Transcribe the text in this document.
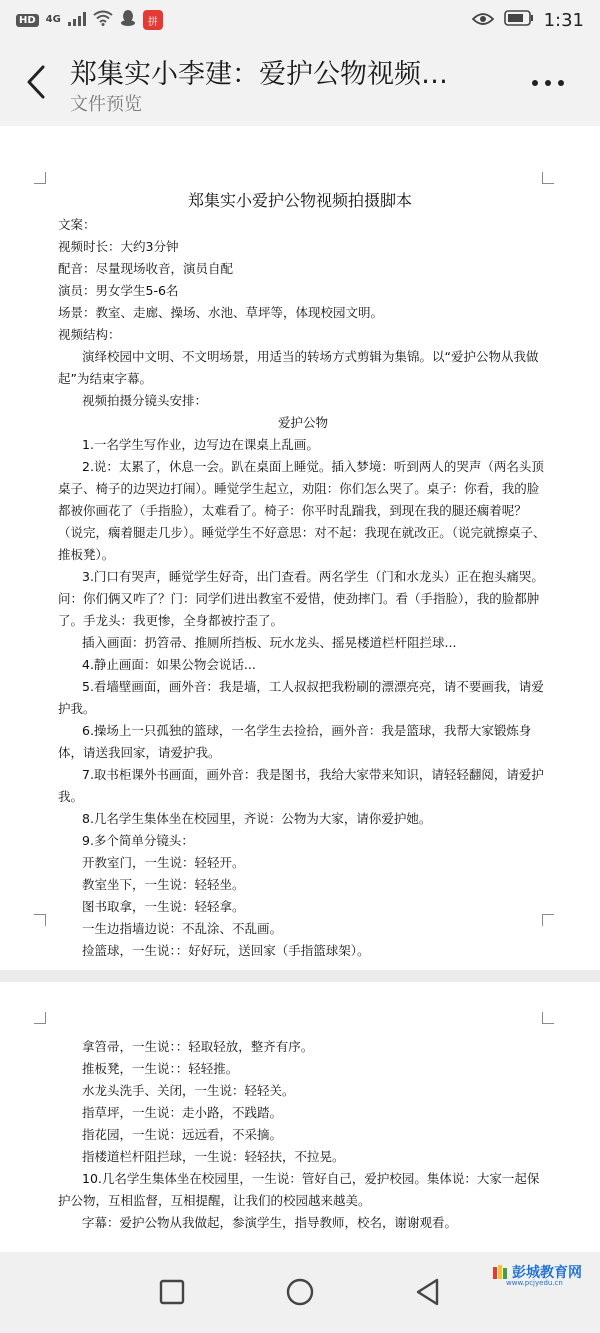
HD	4G	拼	1:31
郑集实小李建：爱护公物视频…
文件预览
郑集实小爱护公物视频拍摄脚本

文案：

视频时长：大约3分钟

配音：尽量现场收音，演员自配

演员：男女学生5-6名

场景：教室、走廊、操场、水池、草坪等，体现校园文明。

视频结构：

演绎校园中文明、不文明场景，用适当的转场方式剪辑为集锦。以“爱护公物从我做起”为结束字幕。

视频拍摄分镜头安排：

爱护公物

1.一名学生写作业，边写边在课桌上乱画。

2.说：太累了，休息一会。趴在桌面上睡觉。插入梦境：听到两人的哭声（两名头顶桌子、椅子的边哭边打闹）。睡觉学生起立，劝阻：你们怎么哭了。桌子：你看，我的脸都被你画花了（手指脸），太难看了。椅子：你平时乱踹我，到现在我的腿还瘸着呢？（说完，瘸着腿走几步）。睡觉学生不好意思：对不起：我现在就改正。（说完就擦桌子、推板凳）。

3.门口有哭声，睡觉学生好奇，出门查看。两名学生（门和水龙头）正在抱头痛哭。问：你们俩又咋了？门：同学们进出教室不爱惜，使劲摔门。看（手指脸），我的脸都肿了。手龙头：我更惨，全身都被拧歪了。

插入画面：扔笤帚、推厕所挡板、玩水龙头、摇晃楼道栏杆阻拦球...

4.静止画面：如果公物会说话...

5.看墙壁画面，画外音：我是墙，工人叔叔把我粉刷的漂漂亮亮，请不要画我，请爱护我。

6.操场上一只孤独的篮球，一名学生去捡拾，画外音：我是篮球，我帮大家锻炼身体，请送我回家，请爱护我。

7.取书柜课外书画面，画外音：我是图书，我给大家带来知识，请轻轻翻阅，请爱护我。

8.几名学生集体坐在校园里，齐说：公物为大家，请你爱护她。

9.多个简单分镜头：

开教室门，一生说：轻轻开。

教室坐下，一生说：轻轻坐。

图书取拿，一生说：轻轻拿。

一生边指墙边说：不乱涂、不乱画。

捡篮球，一生说：：好好玩，送回家（手指篮球架）。

拿笤帚，一生说：：轻取轻放，整齐有序。

推板凳，一生说：：轻轻推。

水龙头洗手、关闭，一生说：轻轻关。

指草坪，一生说：走小路，不践踏。

指花园，一生说：远远看，不采摘。

指楼道栏杆阻拦球，一生说：轻轻扶，不拉晃。

10.几名学生集体坐在校园里，一生说：管好自己，爱护校园。集体说：大家一起保护公物，互相监督，互相提醒，让我们的校园越来越美。

字幕：爱护公物从我做起，参演学生，指导教师，校名，谢谢观看。

彭城教育网
www.pcjyedu.cn
